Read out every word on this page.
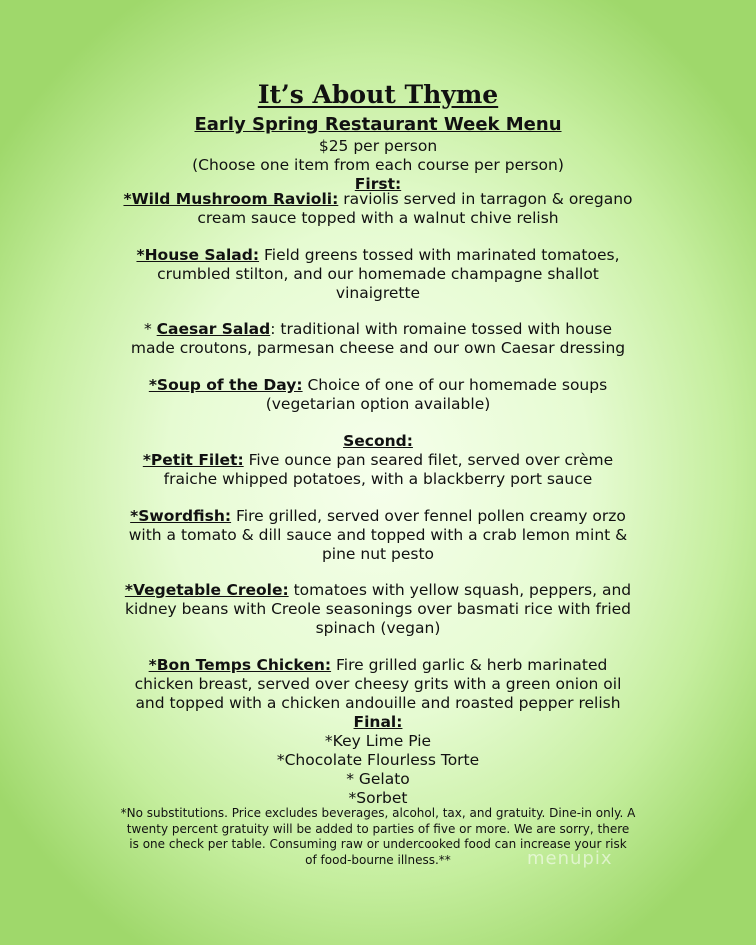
It’s About Thyme
Early Spring Restaurant Week Menu
$25 per person
(Choose one item from each course per person)
First:
*Wild Mushroom Ravioli: raviolis served in tarragon & oregano
cream sauce topped with a walnut chive relish
*House Salad: Field greens tossed with marinated tomatoes,
crumbled stilton, and our homemade champagne shallot
vinaigrette
* Caesar Salad: traditional with romaine tossed with house
made croutons, parmesan cheese and our own Caesar dressing
*Soup of the Day: Choice of one of our homemade soups
(vegetarian option available)
Second:
*Petit Filet: Five ounce pan seared filet, served over crème
fraiche whipped potatoes, with a blackberry port sauce
*Swordfish: Fire grilled, served over fennel pollen creamy orzo
with a tomato & dill sauce and topped with a crab lemon mint &
pine nut pesto
*Vegetable Creole: tomatoes with yellow squash, peppers, and
kidney beans with Creole seasonings over basmati rice with fried
spinach (vegan)
*Bon Temps Chicken: Fire grilled garlic & herb marinated
chicken breast, served over cheesy grits with a green onion oil
and topped with a chicken andouille and roasted pepper relish
Final:
*Key Lime Pie
*Chocolate Flourless Torte
* Gelato
*Sorbet
*No substitutions. Price excludes beverages, alcohol, tax, and gratuity. Dine-in only. A
twenty percent gratuity will be added to parties of five or more. We are sorry, there
is one check per table. Consuming raw or undercooked food can increase your risk
of food-bourne illness.**	menupix
